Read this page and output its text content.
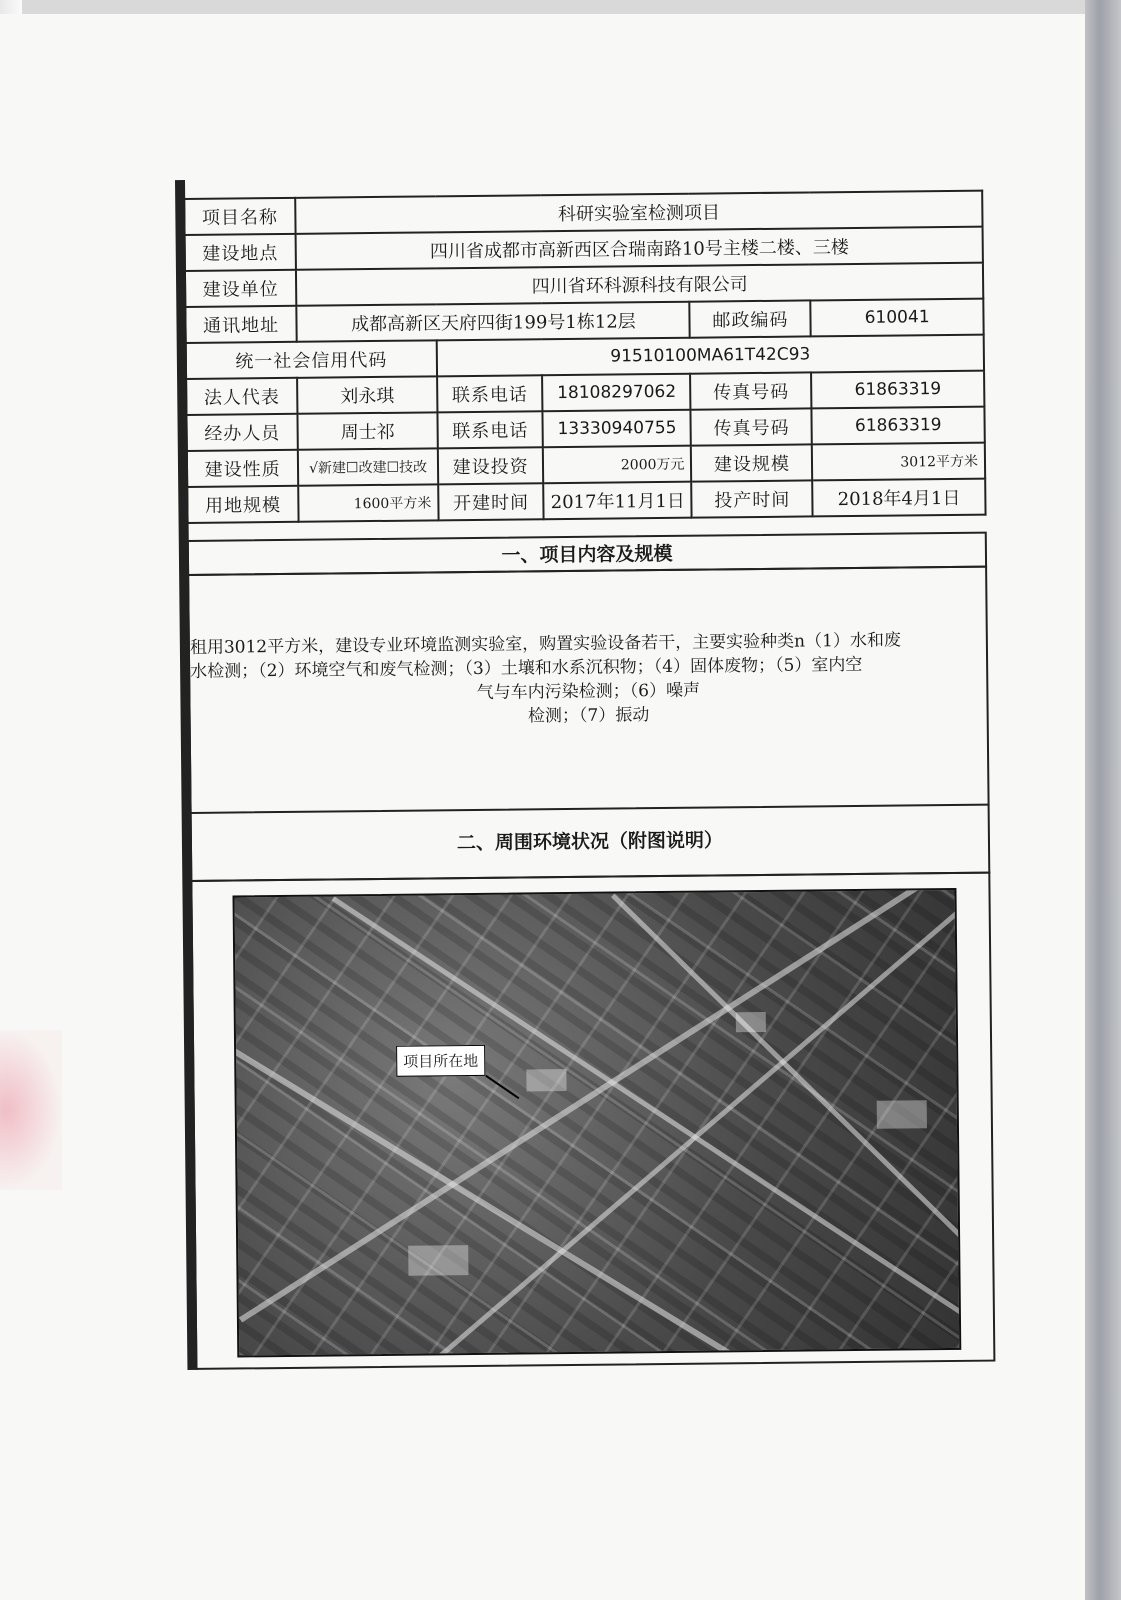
项目名称	科研实验室检测项目				
建设地点	四川省成都市高新西区合瑞南路10号主楼二楼、三楼				
建设单位	四川省环科源科技有限公司				
通讯地址	成都高新区天府四街199号1栋12层			邮政编码	610041
统一社会信用代码		91510100MA61T42C93			
法人代表	刘永琪	联系电话	18108297062	传真号码	61863319
经办人员	周士祁	联系电话	13330940755	传真号码	61863319
建设性质	√新建☐改建☐技改	建设投资	2000万元	建设规模	3012平方米
用地规模	1600平方米	开建时间	2017年11月1日	投产时间	2018年4月1日
一、项目内容及规模
租用3012平方米，建设专业环境监测实验室，购置实验设备若干，主要实验种类n（1）水和废
水检测；（2）环境空气和废气检测；（3）土壤和水系沉积物；（4）固体废物；（5）室内空
气与车内污染检测；（6）噪声
检测；（7）振动
二、周围环境状况（附图说明）
项目所在地
